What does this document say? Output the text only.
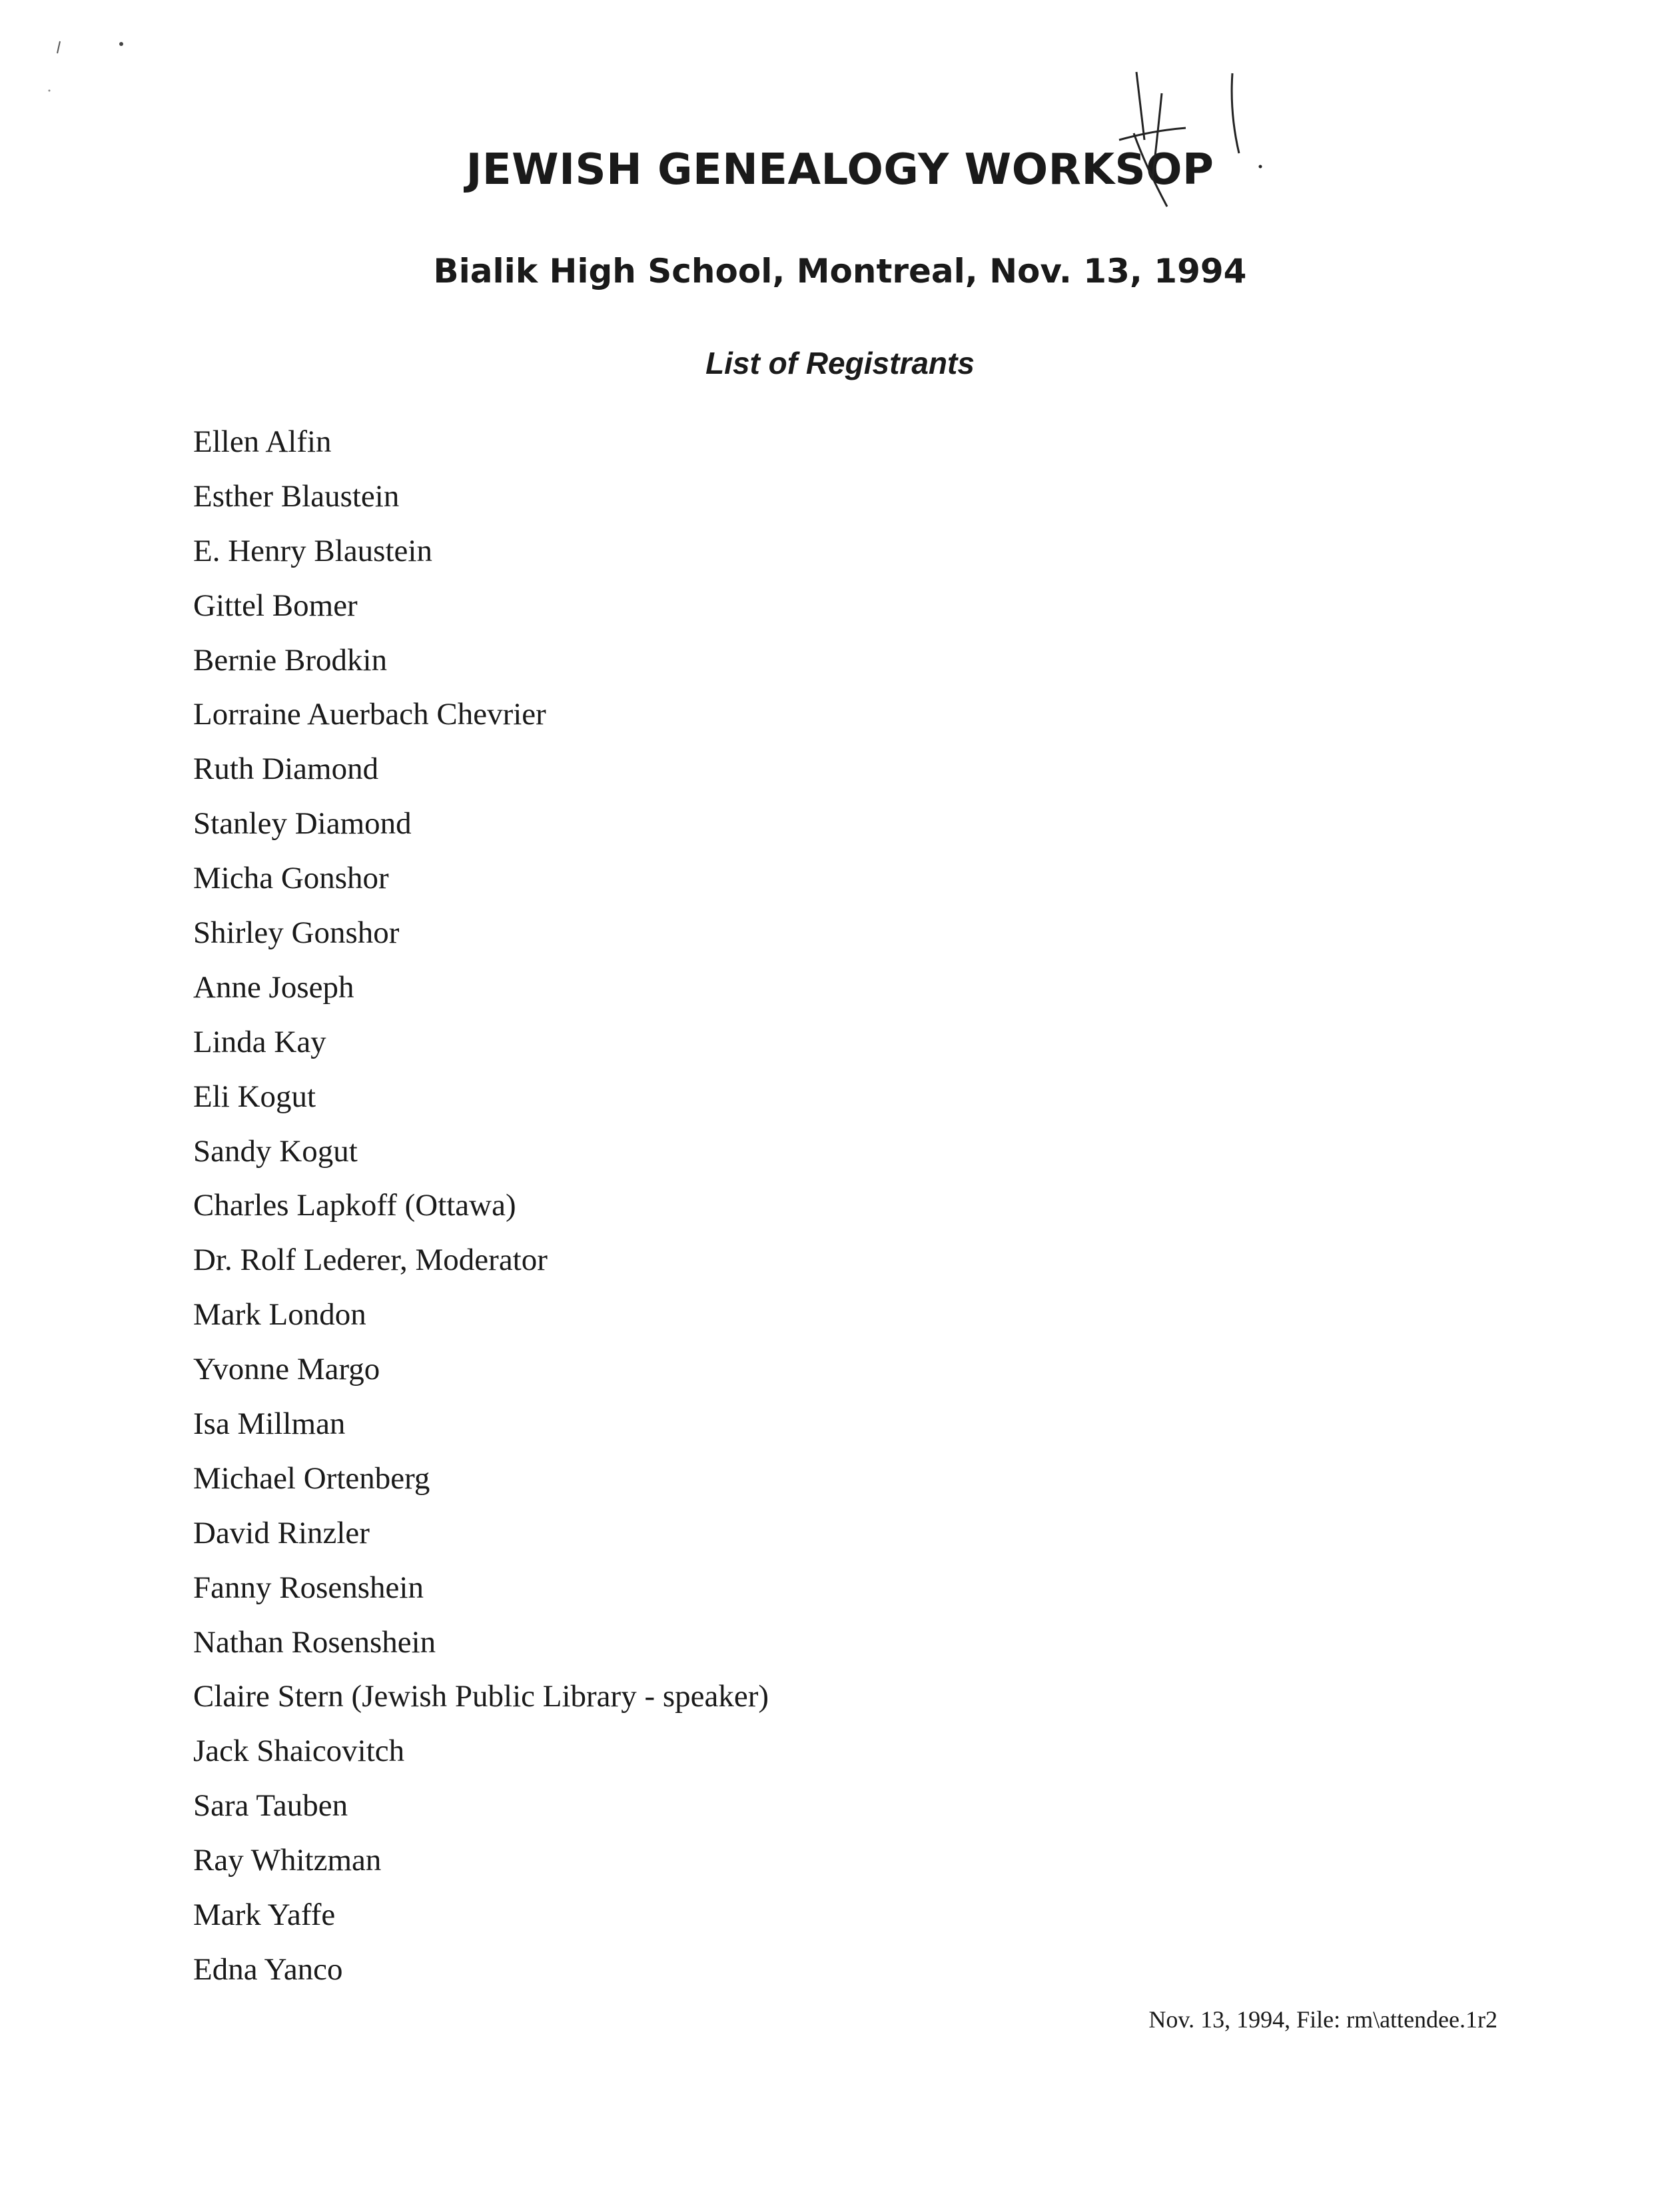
JEWISH GENEALOGY WORKSOP
Bialik High School, Montreal, Nov. 13, 1994
List of Registrants
Ellen Alfin
Esther Blaustein
E. Henry Blaustein
Gittel Bomer
Bernie Brodkin
Lorraine Auerbach Chevrier
Ruth Diamond
Stanley Diamond
Micha Gonshor
Shirley Gonshor
Anne Joseph
Linda Kay
Eli Kogut
Sandy Kogut
Charles Lapkoff (Ottawa)
Dr. Rolf Lederer, Moderator
Mark London
Yvonne Margo
Isa Millman
Michael Ortenberg
David Rinzler
Fanny Rosenshein
Nathan Rosenshein
Claire Stern (Jewish Public Library - speaker)
Jack Shaicovitch
Sara Tauben
Ray Whitzman
Mark Yaffe
Edna Yanco
Nov. 13, 1994, File: rm\attendee.1r2
